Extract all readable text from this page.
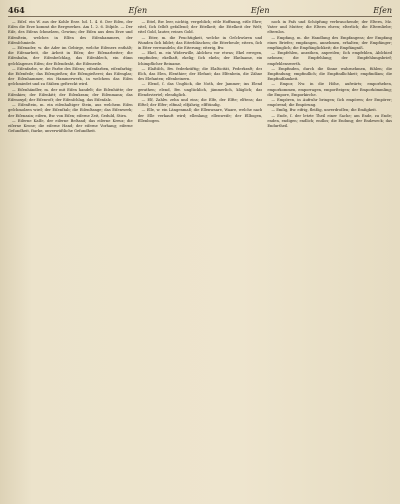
464	Eſen	Eſen	Eſen

— Eiſeſ. ein W. aus der Kohle Erze. hd. 1. 4. 6. Der Eiſen, der Eiſen die Erze kommt die Bergwerkes. Am 1. 2. 6. Diſpiſe. — Der Eiſe, des Eiſens ſchmelzen, Gewinn; der Eiſen aus dem Erze und Eiſenſtein, welches in Eſſen des Eiſenhammers, der Eiſenſchmiede.

— Eiſenader, w. die Ader im Gebirge, welche Eiſenerz enthält; die Eiſenarbeit, die Arbeit in Eiſen; der Eiſenarbeiter; die Eiſenbahn, der Eiſenbeſchlag, das Eiſenblech, ein dünn geſchlagenes Eiſen; der Eiſendraht, die Eiſenerde.

— Eiſenfarbe, w. die Farbe des Eiſens; eiſenfarben, eiſenfarbig; die Eiſenfeile; das Eiſengießen; die Eiſengießerei; das Eiſenglas; der Eiſenhammer, ein Hammerwerk, in welchem das Eiſen geſchmiedet und zu Stäben geſtreckt wird.

— Eiſenhändler, m. der mit Eiſen handelt; die Eiſenhütte; der Eiſenkies; der Eiſenkitt; der Eiſenkram; der Eiſenmann; das Eiſenoxyd; der Eiſenroſt; der Eiſenſchlag, das Eiſenſalz.

— Eiſenſtein, m. ein eiſenhaltiger Stein, aus welchem Eiſen geſchmolzen wird; der Eiſenſtab; die Eiſenſtange; das Eiſenwerk; der Eiſenzain; eiſern, Bw. von Eiſen; eiſerne Zeit, Geduld, Stirn.

— Eiſerne Kaſſe, der eiſerne Beſtand; das eiſerne Kreuz; die eiſerne Krone; die eiſerne Hand; der eiſerne Vorhang; eiſerne Geſundheit, ſtarke, unverwüſtliche Geſundheit.

— Eitel, Bw. leer, nichtig, vergeblich; eitle Hoffnung, eitle Ehre; eitel, ſich ſelbſt gefallend; der Eitelkeit; die Eitelkeit der Welt; eitel Gold, lauter, reines Gold.

— Eiter, m. die Feuchtigkeit, welche in Geſchwüren und Wunden ſich bildet; das Eiterbläschen; die Eiterbeule; eitern, ſich in Eiter verwandeln; die Eiterung; eiterig, Bw.

— Ekel, m. ein Widerwille, Abſcheu vor etwas; Ekel erregen, empfinden; ekelhaft, ekelig; ſich ekeln; der Ekelname, ein ſchimpflicher Beiname.

— Elaſtiſch, Bw. federkräftig; die Elaſticität, Federkraft; der Elch, das Elen, Elenthier; der Elefant; das Elfenbein, die Zähne des Elefanten; elfenbeinern.

— Elend, ſ. das Unglück, die Noth, der Jammer; ins Elend gerathen; elend, Bw. unglücklich, jämmerlich, kläglich; das Elendsviertel; elendiglich.

— Elf, Zahlw. zehn und eins; die Elfe, der Elfte; elftens; das Elftel; der Elfer; elfmal; elfjährig; elfſtündig.

— Elle, w. ein Längenmaß; die Ellenwaare, Waare, welche nach der Elle verkauft wird; ellenlang; ellenweiſe; der Ellbogen, Ellenbogen.

noch in Paſs und Schöpfung verbrauchende; der Eltern, Mz. Vater und Mutter; die Eltern ehren; elterlich; die Elternliebe; elternlos.

— Empfang, m. die Handlung des Empfangens; der Empfang eines Briefes; empfangen, annehmen, erhalten; der Empfänger; empfänglich; die Empfänglichkeit; die Empfängniß.

— Empfehlen, anrathen, anpreiſen; ſich empfehlen, Abſchied nehmen; die Empfehlung; der Empfehlungsbrief; empfehlenswerth.

— Empfinden, durch die Sinne wahrnehmen, fühlen; die Empfindung; empfindlich; die Empfindlichkeit; empfindſam; die Empfindſamkeit.

— Empor, Nw. in die Höhe, aufwärts; emporheben, emporkommen, emporragen, emporſteigen; der Emporkömmling; die Empore, Emporkirche.

— Empören, in Aufruhr bringen; ſich empören; der Empörer; empörend; die Empörung.

— Emſig, Bw. eifrig, fleißig, unverdroſſen; die Emſigkeit.

— Ende, ſ. der letzte Theil einer Sache; am Ende, zu Ende; enden, endigen; endlich; endlos; die Endung; der Endzweck; das Endurtheil.
